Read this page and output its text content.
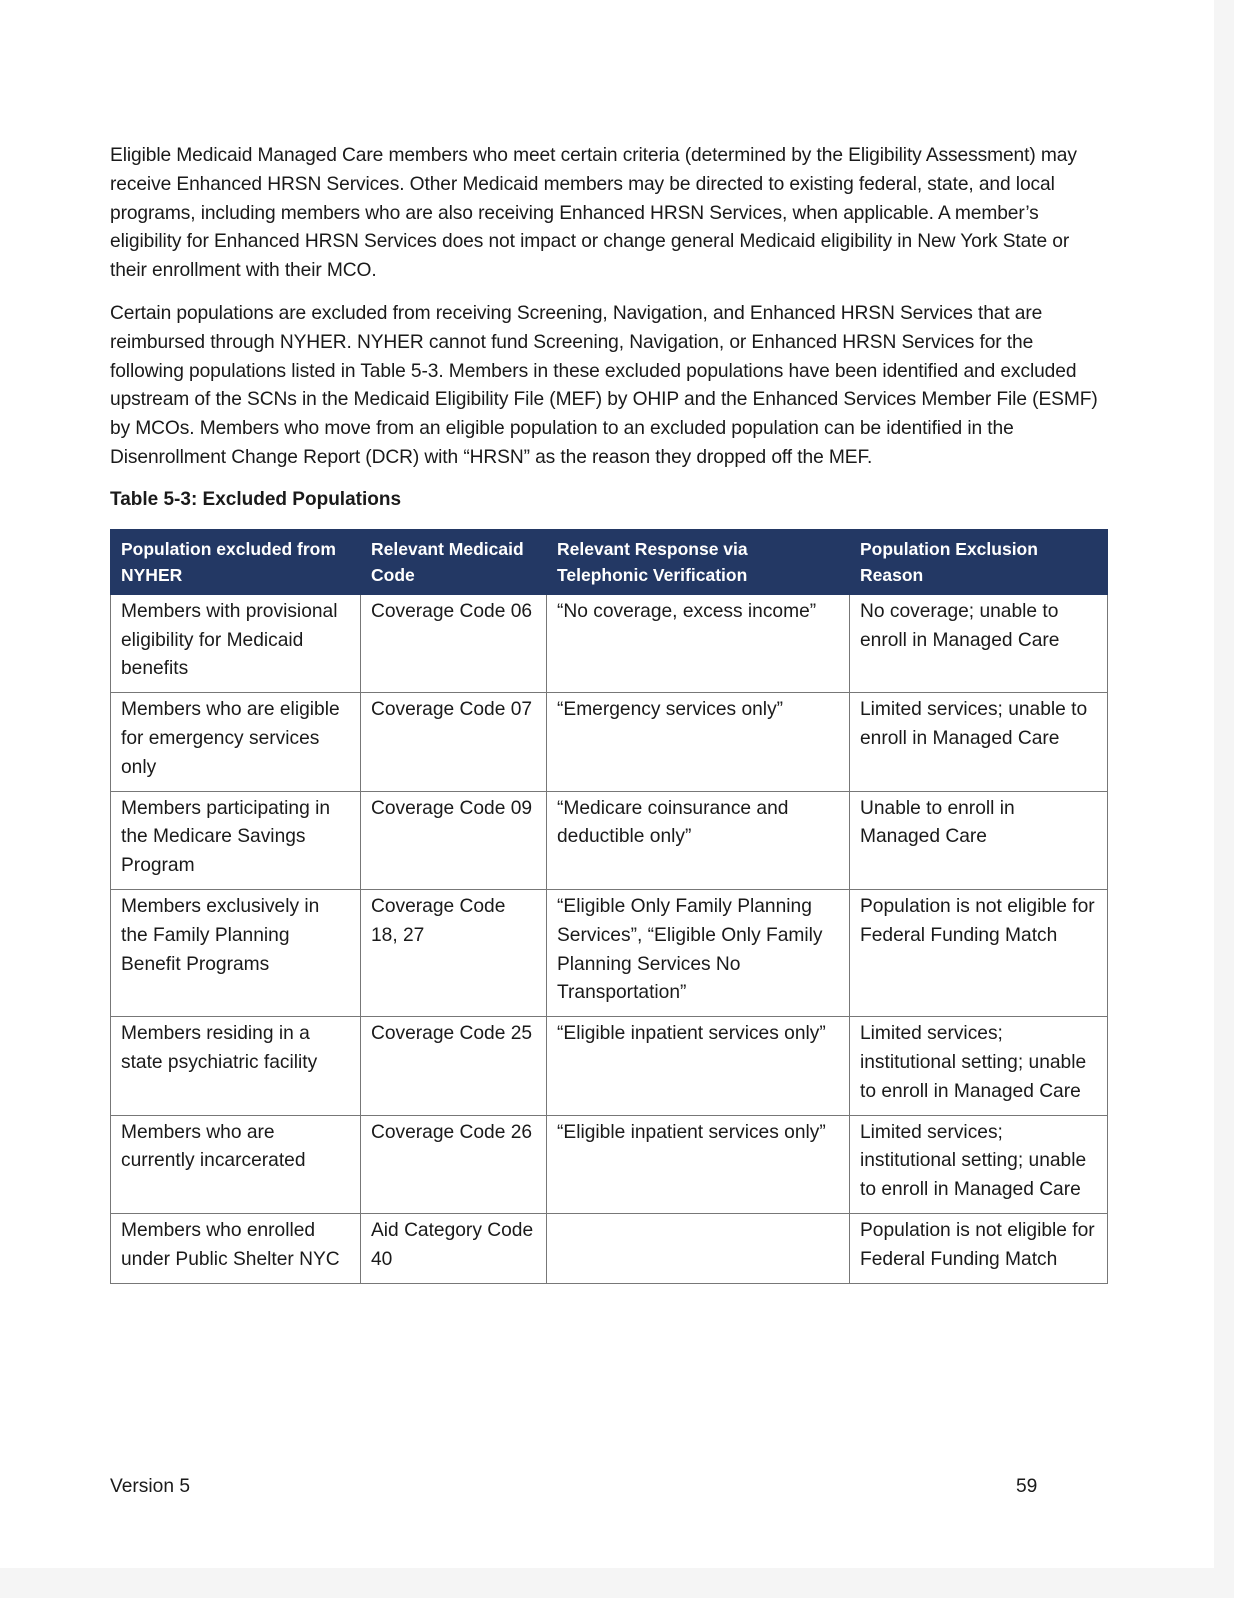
Eligible Medicaid Managed Care members who meet certain criteria (determined by the Eligibility Assessment) may receive Enhanced HRSN Services. Other Medicaid members may be directed to existing federal, state, and local programs, including members who are also receiving Enhanced HRSN Services, when applicable. A member’s eligibility for Enhanced HRSN Services does not impact or change general Medicaid eligibility in New York State or their enrollment with their MCO.

Certain populations are excluded from receiving Screening, Navigation, and Enhanced HRSN Services that are reimbursed through NYHER. NYHER cannot fund Screening, Navigation, or Enhanced HRSN Services for the following populations listed in Table 5-3. Members in these excluded populations have been identified and excluded upstream of the SCNs in the Medicaid Eligibility File (MEF) by OHIP and the Enhanced Services Member File (ESMF) by MCOs. Members who move from an eligible population to an excluded population can be identified in the Disenrollment Change Report (DCR) with “HRSN” as the reason they dropped off the MEF.

Table 5-3: Excluded Populations
Population excluded from NYHER	Relevant Medicaid Code	Relevant Response via Telephonic Verification	Population Exclusion Reason
Members with provisional eligibility for Medicaid benefits	Coverage Code 06	“No coverage, excess income”	No coverage; unable to enroll in Managed Care
Members who are eligible for emergency services only	Coverage Code 07	“Emergency services only”	Limited services; unable to enroll in Managed Care
Members participating in the Medicare Savings Program	Coverage Code 09	“Medicare coinsurance and deductible only”	Unable to enroll in Managed Care
Members exclusively in the Family Planning Benefit Programs	Coverage Code 18, 27	“Eligible Only Family Planning Services”, “Eligible Only Family Planning Services No Transportation”	Population is not eligible for Federal Funding Match
Members residing in a state psychiatric facility	Coverage Code 25	“Eligible inpatient services only”	Limited services; institutional setting; unable to enroll in Managed Care
Members who are currently incarcerated	Coverage Code 26	“Eligible inpatient services only”	Limited services; institutional setting; unable to enroll in Managed Care
Members who enrolled under Public Shelter NYC	Aid Category Code 40		Population is not eligible for Federal Funding Match
Version 5	59
